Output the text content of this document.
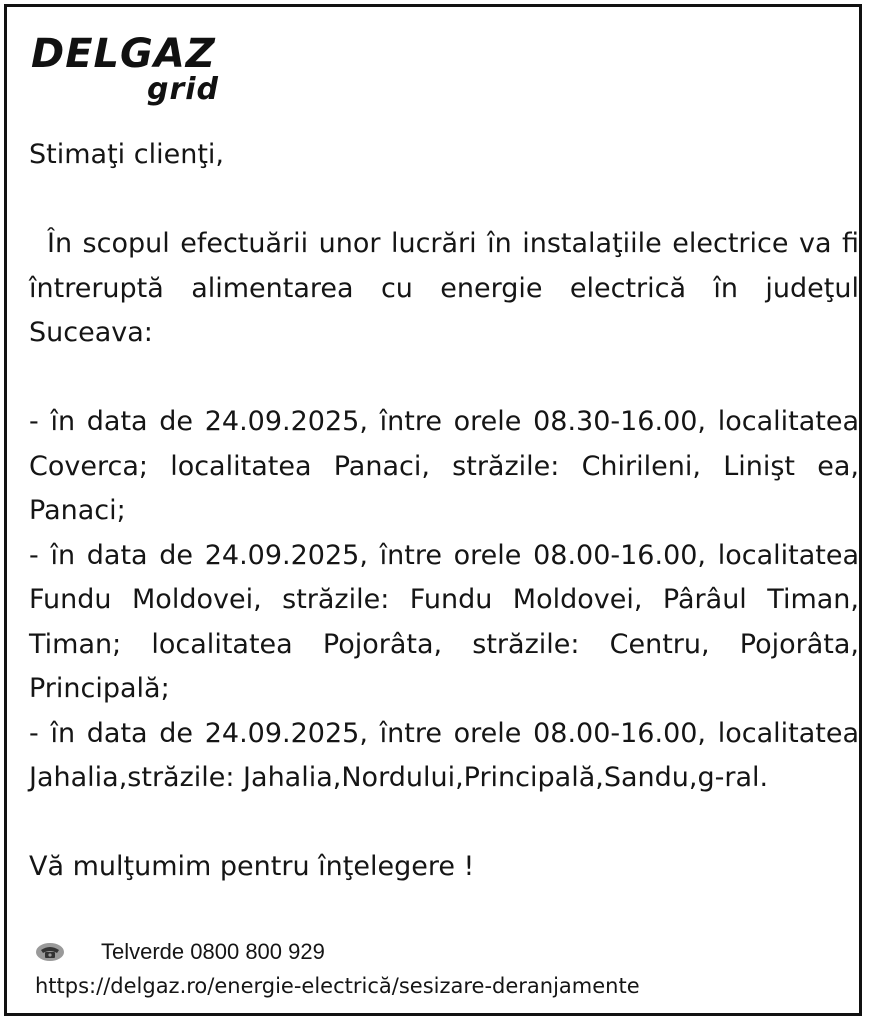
DELGAZ
grid

Stimaţi clienţi,

În scopul efectuării unor lucrări în instalaţiile electrice va fi întreruptă alimentarea cu energie electrică în judeţul Suceava:

- în data de 24.09.2025, între orele 08.30-16.00, localitatea Coverca; localitatea Panaci, străzile: Chirileni, Linişt ea, Panaci;

- în data de 24.09.2025, între orele 08.00-16.00, localitatea Fundu Moldovei, străzile: Fundu Moldovei, Pârâul Timan, Timan; localitatea Pojorâta, străzile: Centru, Pojorâta, Principală;

- în data de 24.09.2025, între orele 08.00-16.00, localitatea Jahalia,străzile: Jahalia,Nordului,Principală,Sandu,g-ral.

Vă mulţumim pentru înţelegere !

Telverde 0800 800 929
https://delgaz.ro/energie-electrică/sesizare-deranjamente
